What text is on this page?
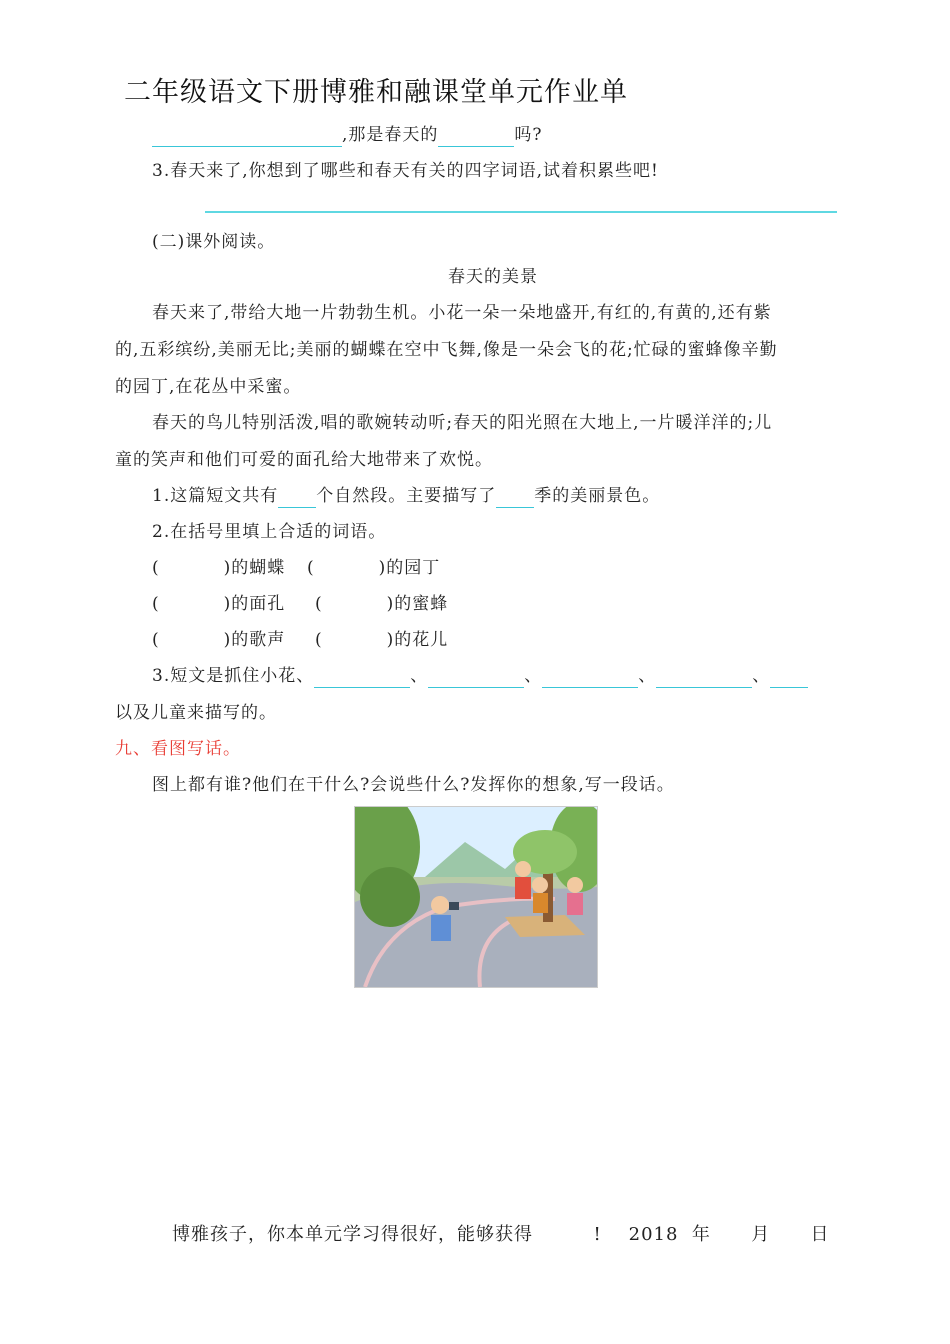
二年级语文下册博雅和融课堂单元作业单
,那是春天的	吗?
3.春天来了,你想到了哪些和春天有关的四字词语,试着积累些吧!
(二)课外阅读。
春天的美景
春天来了,带给大地一片勃勃生机。小花一朵一朵地盛开,有红的,有黄的,还有紫
的,五彩缤纷,美丽无比;美丽的蝴蝶在空中飞舞,像是一朵会飞的花;忙碌的蜜蜂像辛勤
的园丁,在花丛中采蜜。
春天的鸟儿特别活泼,唱的歌婉转动听;春天的阳光照在大地上,一片暖洋洋的;儿
童的笑声和他们可爱的面孔给大地带来了欢悦。
1.这篇短文共有 个自然段。主要描写了 季的美丽景色。
2.在括号里填上合适的词语。
(          )的蝴蝶 (          )的园丁
(          )的面孔 (          )的蜜蜂
(          )的歌声 (          )的花儿
3.短文是抓住小花、	、	、	、	、
以及儿童来描写的。
九、看图写话。
图上都有谁?他们在干什么?会说些什么?发挥你的想象,写一段话。
博雅孩子，你本单元学习得很好，能够获得         !    2018  年      月      日
